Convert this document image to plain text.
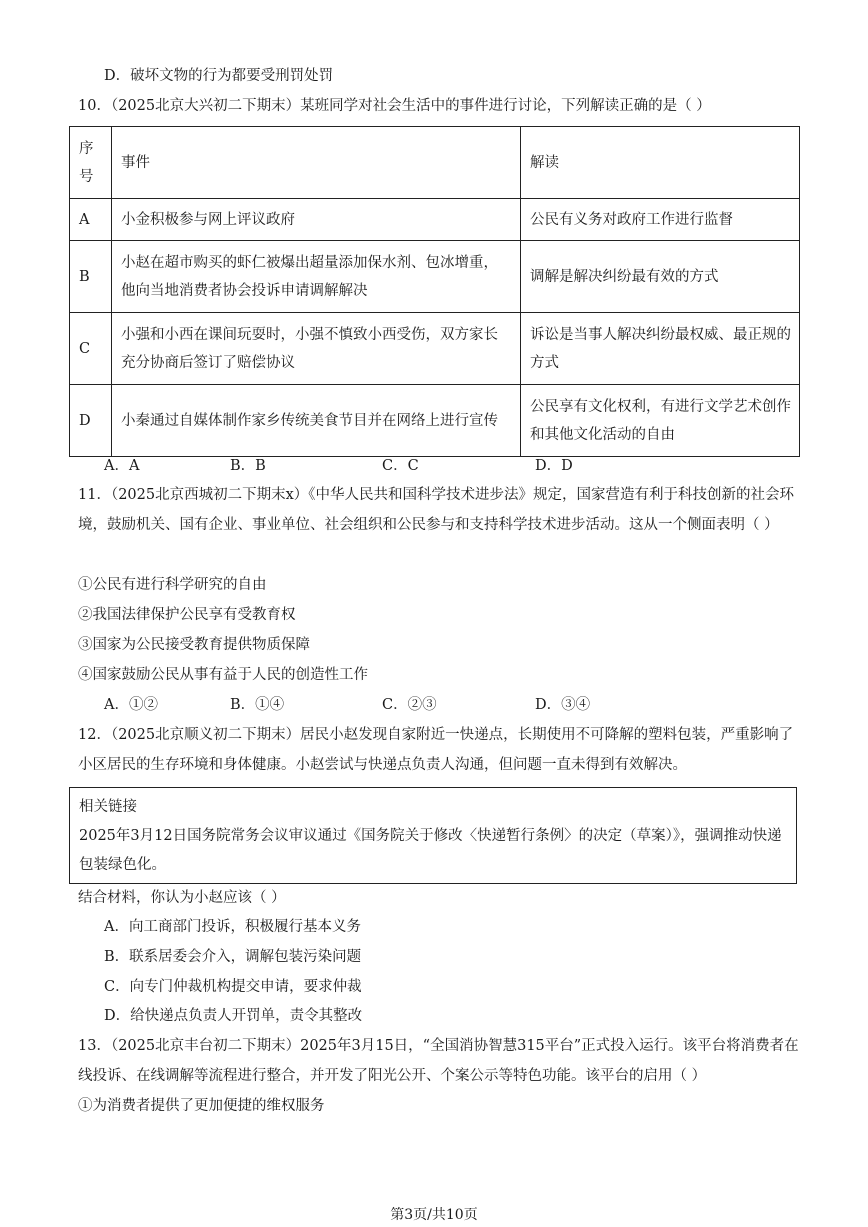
D．破坏文物的行为都要受刑罚处罚
10．（2025北京大兴初二下期末）某班同学对社会生活中的事件进行讨论，下列解读正确的是（ ）
序号	事件	解读
A	小金积极参与网上评议政府	公民有义务对政府工作进行监督
B	小赵在超市购买的虾仁被爆出超量添加保水剂、包冰增重，他向当地消费者协会投诉申请调解解决	调解是解决纠纷最有效的方式
C	小强和小西在课间玩耍时，小强不慎致小西受伤，双方家长充分协商后签订了赔偿协议	诉讼是当事人解决纠纷最权威、最正规的方式
D	小秦通过自媒体制作家乡传统美食节目并在网络上进行宣传	公民享有文化权利，有进行文学艺术创作和其他文化活动的自由
A．A	B．B	C．C	D．D
11．（2025北京西城初二下期末x）《中华人民共和国科学技术进步法》规定，国家营造有利于科技创新的社会环境，鼓励机关、国有企业、事业单位、社会组织和公民参与和支持科学技术进步活动。这从一个侧面表明（ ）
①公民有进行科学研究的自由
②我国法律保护公民享有受教育权
③国家为公民接受教育提供物质保障
④国家鼓励公民从事有益于人民的创造性工作
A．①②	B．①④	C．②③	D．③④
12．（2025北京顺义初二下期末）居民小赵发现自家附近一快递点，长期使用不可降解的塑料包装，严重影响了小区居民的生存环境和身体健康。小赵尝试与快递点负责人沟通，但问题一直未得到有效解决。
相关链接
2025年3月12日国务院常务会议审议通过《国务院关于修改〈快递暂行条例〉的决定（草案）》，强调推动快递包装绿色化。
结合材料，你认为小赵应该（ ）
A．向工商部门投诉，积极履行基本义务
B．联系居委会介入，调解包装污染问题
C．向专门仲裁机构提交申请，要求仲裁
D．给快递点负责人开罚单，责令其整改
13．（2025北京丰台初二下期末）2025年3月15日，“全国消协智慧315平台”正式投入运行。该平台将消费者在线投诉、在线调解等流程进行整合，并开发了阳光公开、个案公示等特色功能。该平台的启用（ ）
①为消费者提供了更加便捷的维权服务
第3页/共10页
